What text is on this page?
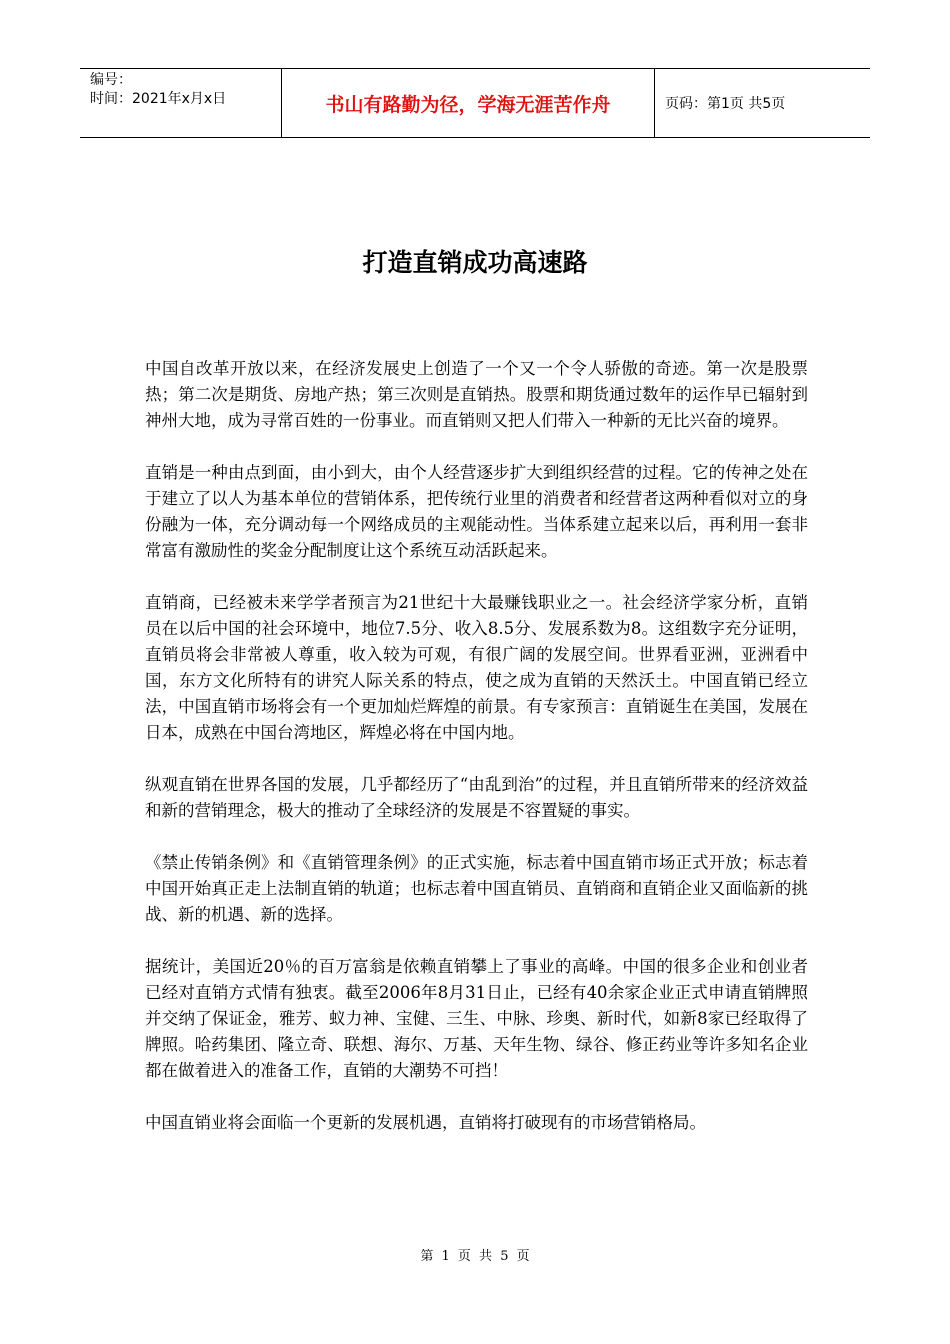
编号：
时间：2021年x月x日	书山有路勤为径，学海无涯苦作舟	页码：第1页 共5页
打造直销成功高速路

中国自改革开放以来，在经济发展史上创造了一个又一个令人骄傲的奇迹。第一次是股票热；第二次是期货、房地产热；第三次则是直销热。股票和期货通过数年的运作早已辐射到神州大地，成为寻常百姓的一份事业。而直销则又把人们带入一种新的无比兴奋的境界。

直销是一种由点到面，由小到大，由个人经营逐步扩大到组织经营的过程。它的传神之处在于建立了以人为基本单位的营销体系，把传统行业里的消费者和经营者这两种看似对立的身份融为一体，充分调动每一个网络成员的主观能动性。当体系建立起来以后，再利用一套非常富有激励性的奖金分配制度让这个系统互动活跃起来。

直销商，已经被未来学学者预言为21世纪十大最赚钱职业之一。社会经济学家分析，直销员在以后中国的社会环境中，地位7.5分、收入8.5分、发展系数为8。这组数字充分证明，直销员将会非常被人尊重，收入较为可观，有很广阔的发展空间。世界看亚洲，亚洲看中国，东方文化所特有的讲究人际关系的特点，使之成为直销的天然沃土。中国直销已经立法，中国直销市场将会有一个更加灿烂辉煌的前景。有专家预言：直销诞生在美国，发展在日本，成熟在中国台湾地区，辉煌必将在中国内地。

纵观直销在世界各国的发展，几乎都经历了“由乱到治”的过程，并且直销所带来的经济效益和新的营销理念，极大的推动了全球经济的发展是不容置疑的事实。

《禁止传销条例》和《直销管理条例》的正式实施，标志着中国直销市场正式开放；标志着中国开始真正走上法制直销的轨道；也标志着中国直销员、直销商和直销企业又面临新的挑战、新的机遇、新的选择。

据统计，美国近20％的百万富翁是依赖直销攀上了事业的高峰。中国的很多企业和创业者已经对直销方式情有独衷。截至2006年8月31日止，已经有40余家企业正式申请直销牌照并交纳了保证金，雅芳、蚁力神、宝健、三生、中脉、珍奥、新时代，如新8家已经取得了牌照。哈药集团、隆立奇、联想、海尔、万基、天年生物、绿谷、修正药业等许多知名企业都在做着进入的准备工作，直销的大潮势不可挡！

中国直销业将会面临一个更新的发展机遇，直销将打破现有的市场营销格局。

第 1 页 共 5 页
